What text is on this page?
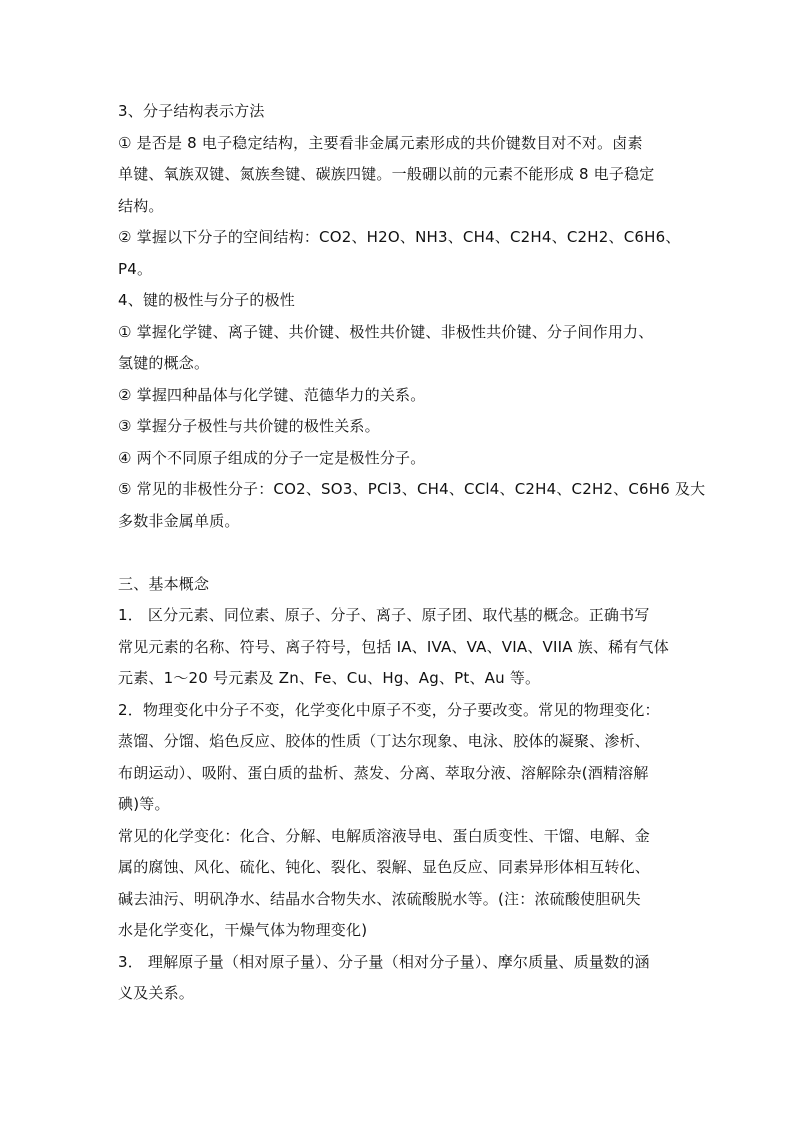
3、分子结构表示方法
① 是否是 8 电子稳定结构，主要看非金属元素形成的共价键数目对不对。卤素
单键、氧族双键、氮族叁键、碳族四键。一般硼以前的元素不能形成 8 电子稳定
结构。
② 掌握以下分子的空间结构：CO2、H2O、NH3、CH4、C2H4、C2H2、C6H6、
P4。
4、键的极性与分子的极性
① 掌握化学键、离子键、共价键、极性共价键、非极性共价键、分子间作用力、
氢键的概念。
② 掌握四种晶体与化学键、范德华力的关系。
③ 掌握分子极性与共价键的极性关系。
④ 两个不同原子组成的分子一定是极性分子。
⑤ 常见的非极性分子：CO2、SO3、PCl3、CH4、CCl4、C2H4、C2H2、C6H6 及大
多数非金属单质。
三、基本概念
1． 区分元素、同位素、原子、分子、离子、原子团、取代基的概念。正确书写
常见元素的名称、符号、离子符号，包括 IA、IVA、VA、VIA、VIIA 族、稀有气体
元素、1～20 号元素及 Zn、Fe、Cu、Hg、Ag、Pt、Au 等。
2．物理变化中分子不变，化学变化中原子不变，分子要改变。常见的物理变化：
蒸馏、分馏、焰色反应、胶体的性质（丁达尔现象、电泳、胶体的凝聚、渗析、
布朗运动）、吸附、蛋白质的盐析、蒸发、分离、萃取分液、溶解除杂(酒精溶解
碘)等。
常见的化学变化：化合、分解、电解质溶液导电、蛋白质变性、干馏、电解、金
属的腐蚀、风化、硫化、钝化、裂化、裂解、显色反应、同素异形体相互转化、
碱去油污、明矾净水、结晶水合物失水、浓硫酸脱水等。(注：浓硫酸使胆矾失
水是化学变化，干燥气体为物理变化)
3． 理解原子量（相对原子量）、分子量（相对分子量）、摩尔质量、质量数的涵
义及关系。
